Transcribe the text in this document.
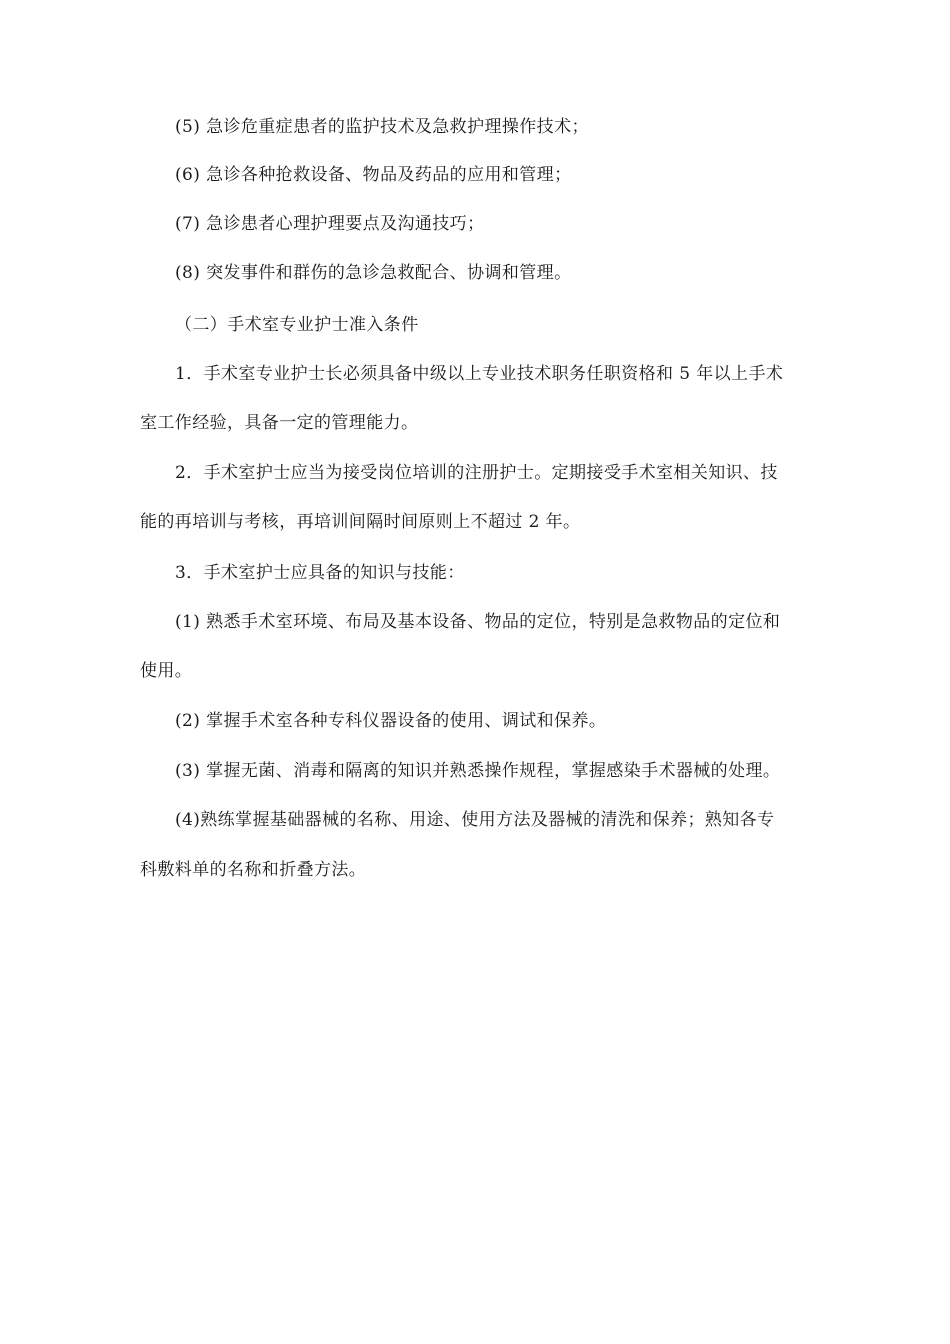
(5) 急诊危重症患者的监护技术及急救护理操作技术；
(6) 急诊各种抢救设备、物品及药品的应用和管理；
(7) 急诊患者心理护理要点及沟通技巧；
(8) 突发事件和群伤的急诊急救配合、协调和管理。
（二）手术室专业护士准入条件
1．手术室专业护士长必须具备中级以上专业技术职务任职资格和 5 年以上手术
室工作经验，具备一定的管理能力。
2．手术室护士应当为接受岗位培训的注册护士。定期接受手术室相关知识、技
能的再培训与考核，再培训间隔时间原则上不超过 2 年。
3．手术室护士应具备的知识与技能：
(1) 熟悉手术室环境、布局及基本设备、物品的定位，特别是急救物品的定位和
使用。
(2) 掌握手术室各种专科仪器设备的使用、调试和保养。
(3) 掌握无菌、消毒和隔离的知识并熟悉操作规程，掌握感染手术器械的处理。
(4)熟练掌握基础器械的名称、用途、使用方法及器械的清洗和保养；熟知各专
科敷料单的名称和折叠方法。
